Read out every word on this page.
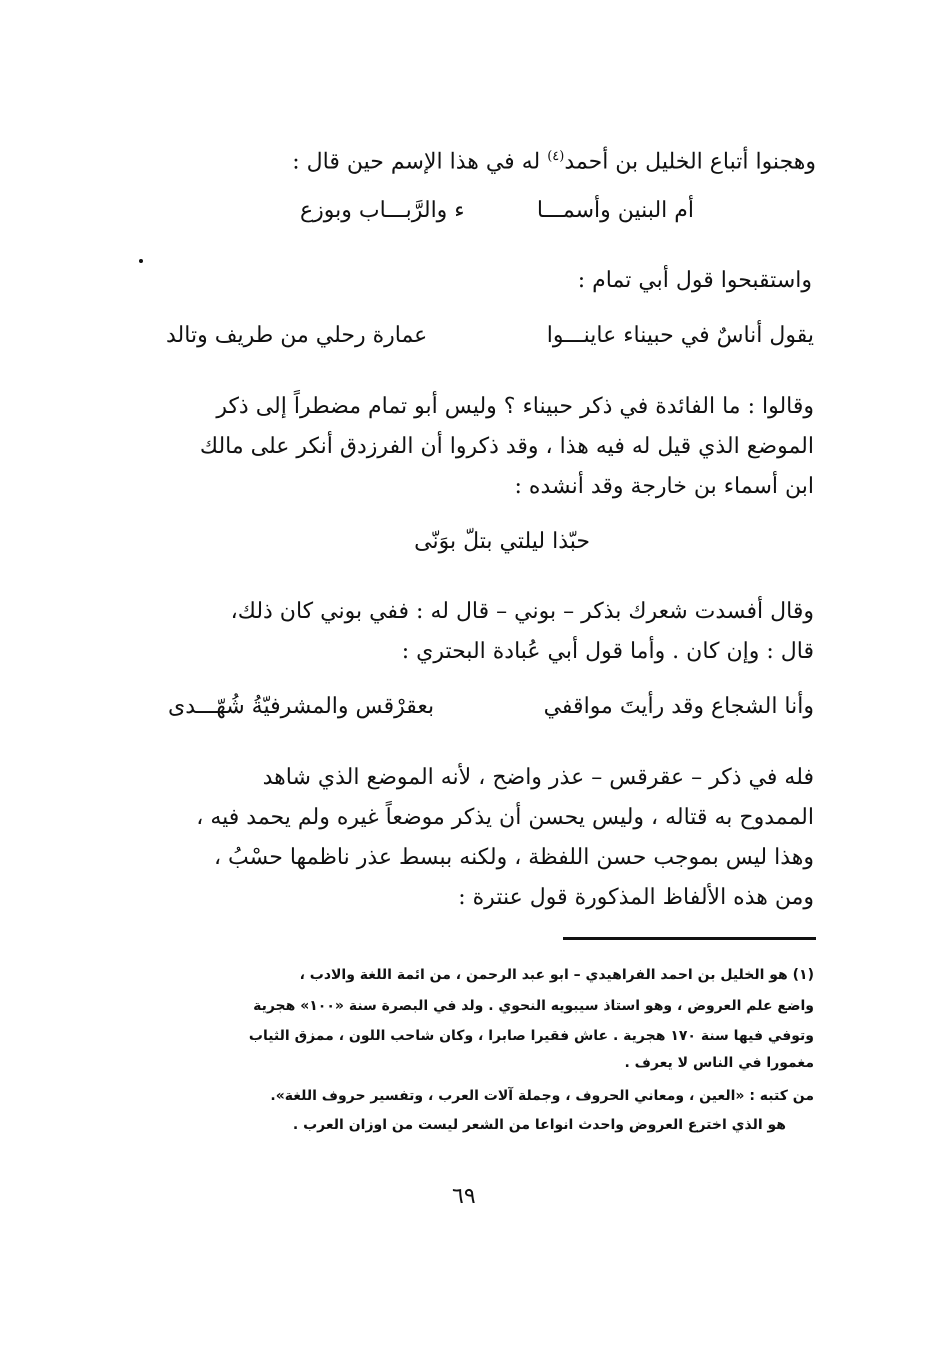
وهجنوا أتباع الخليل بن أحمد$^{(٤)}$ له في هذا الإسم حين قال :
أم البنين وأسمـــا
ء والرَّبـــاب وبوزع
واستقبحوا قول أبي تمام :
يقول أناسٌ في حبيناء عاينـــوا
عمارة رحلي من طريف وتالد
وقالوا : ما الفائدة في ذكر حبيناء ؟ وليس أبو تمام مضطراً إلى ذكر
الموضع الذي قيل له فيه هذا ، وقد ذكروا أن الفرزدق أنكر على مالك
ابن أسماء بن خارجة وقد أنشده :
حبّذا ليلتي بتلّ بوَنّى
وقال أفسدت شعرك بذكر – بوني – قال له : ففي بوني كان ذلك،
قال : وإن كان . وأما قول أبي عُبادة البحتري :
وأنا الشجاع وقد رأيتَ مواقفي
بعقرْقس والمشرفيّةُ شُهّـــدى
فله في ذكر – عقرقس – عذر واضح ، لأنه الموضع الذي شاهد
الممدوح به قتاله ، وليس يحسن أن يذكر موضعاً غيره ولم يحمد فيه ،
وهذا ليس بموجب حسن اللفظة ، ولكنه ببسط عذر ناظمها حسْبُ ،
ومن هذه الألفاظ المذكورة قول عنترة :
(١) هو الخليل بن احمد الفراهيدي – ابو عبد الرحمن ، من ائمة اللغة والادب ،
واضع علم العروض ، وهو استاذ سيبويه النحوي . ولد في البصرة سنة «١٠٠» هجرية
وتوفي فيها سنة ١٧٠ هجرية . عاش فقيرا صابرا ، وكان شاحب اللون ، ممزق الثياب
مغمورا في الناس لا يعرف .
من كتبه : «العين ، ومعاني الحروف ، وجملة آلات العرب ، وتفسير حروف اللغة».
هو الذي اخترع العروض واحدث انواعا من الشعر ليست من اوزان العرب .
٦٩
